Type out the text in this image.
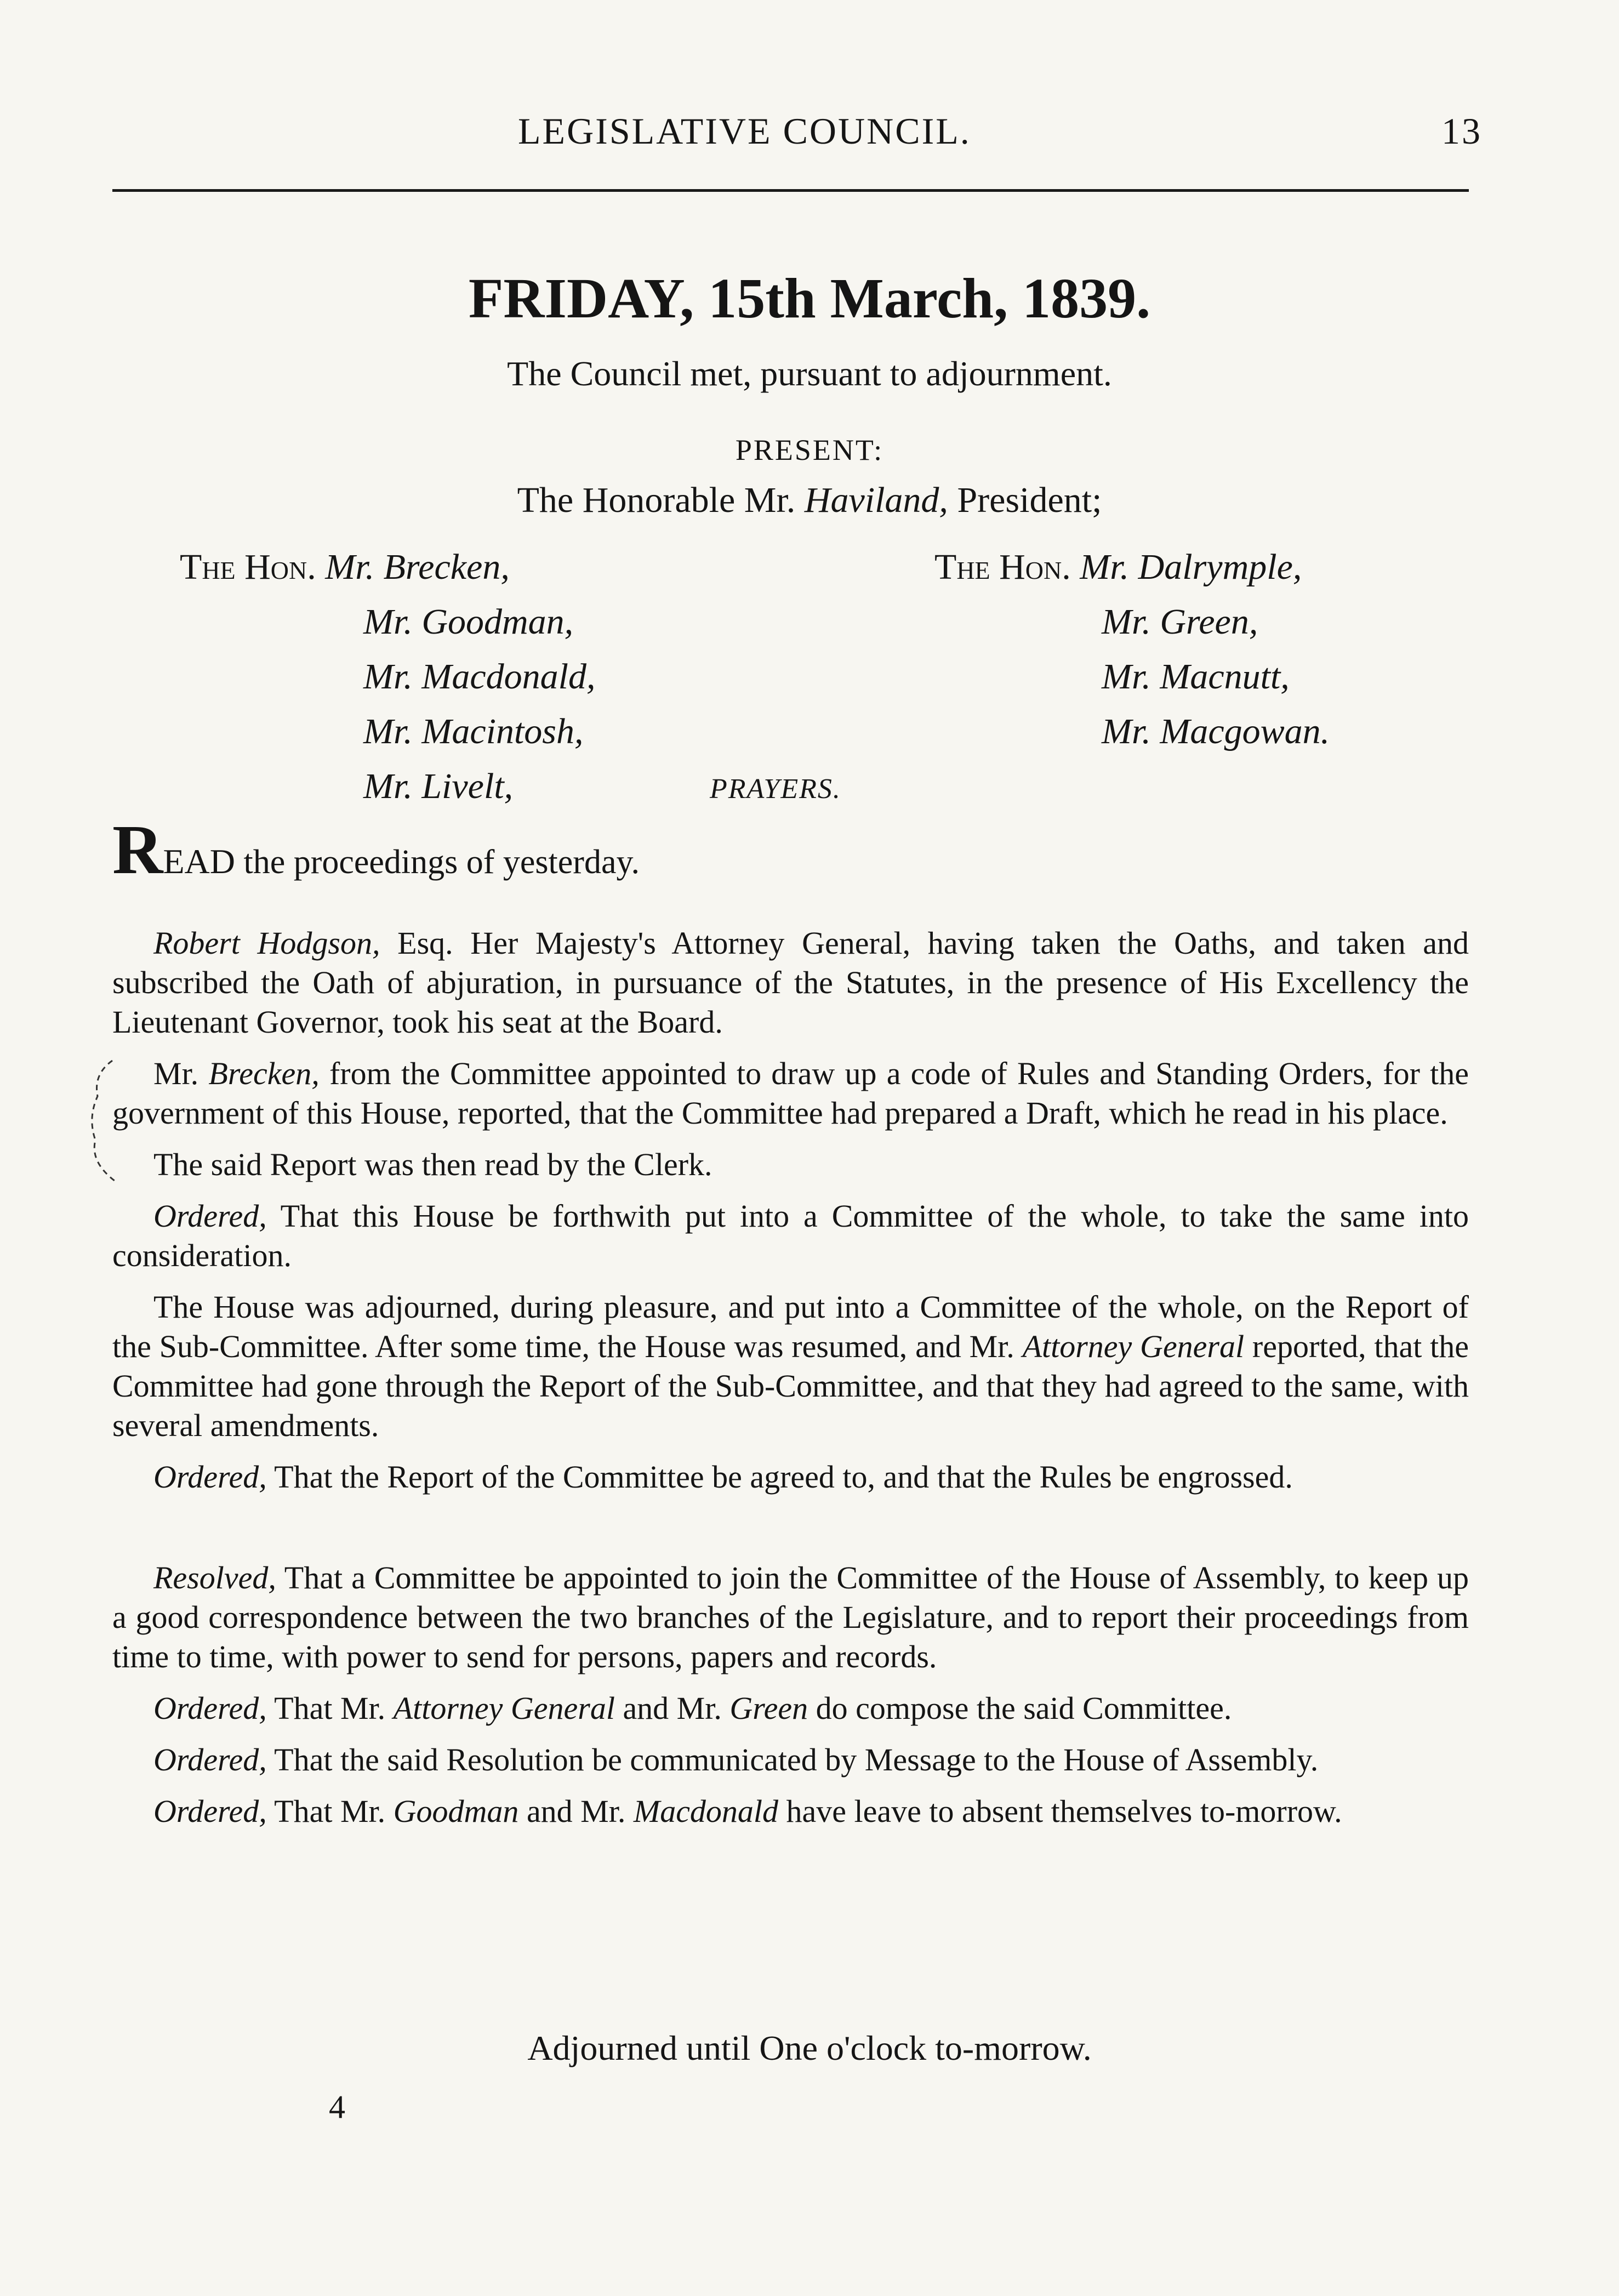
LEGISLATIVE COUNCIL.	13
FRIDAY, 15th March, 1839.
The Council met, pursuant to adjournment.
PRESENT:
The Honorable Mr. Haviland, President;
The Hon. Mr. Brecken,
Mr. Goodman,
Mr. Macdonald,
Mr. Macintosh,
Mr. Livelt,
The Hon. Mr. Dalrymple,
Mr. Green,
Mr. Macnutt,
Mr. Macgowan.
PRAYERS.
READ the proceedings of yesterday.

Robert Hodgson, Esq. Her Majesty's Attorney General, having taken the Oaths, and taken and subscribed the Oath of abjuration, in pursuance of the Statutes, in the presence of His Excellency the Lieutenant Governor, took his seat at the Board.

Mr. Brecken, from the Committee appointed to draw up a code of Rules and Standing Orders, for the government of this House, reported, that the Committee had prepared a Draft, which he read in his place.

The said Report was then read by the Clerk.

Ordered, That this House be forthwith put into a Committee of the whole, to take the same into consideration.

The House was adjourned, during pleasure, and put into a Committee of the whole, on the Report of the Sub-Committee. After some time, the House was resumed, and Mr. Attorney General reported, that the Committee had gone through the Report of the Sub-Committee, and that they had agreed to the same, with several amendments.

Ordered, That the Report of the Committee be agreed to, and that the Rules be engrossed.

Resolved, That a Committee be appointed to join the Committee of the House of Assembly, to keep up a good correspondence between the two branches of the Legislature, and to report their proceedings from time to time, with power to send for persons, papers and records.

Ordered, That Mr. Attorney General and Mr. Green do compose the said Committee.

Ordered, That the said Resolution be communicated by Message to the House of Assembly.

Ordered, That Mr. Goodman and Mr. Macdonald have leave to absent themselves to-morrow.

Adjourned until One o'clock to-morrow.
4
